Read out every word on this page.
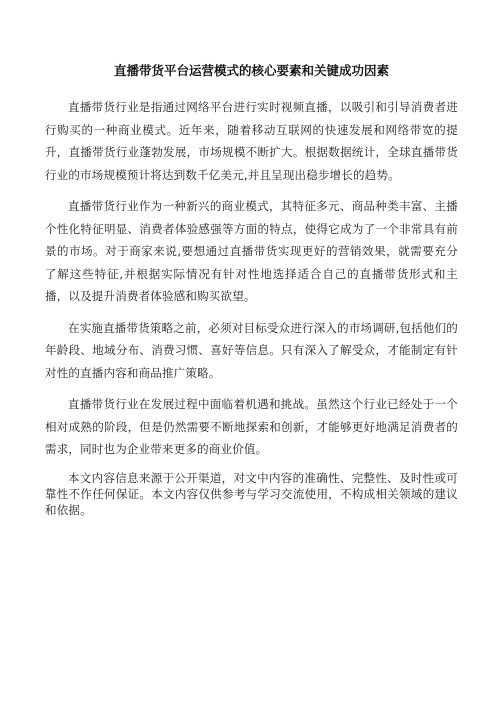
直播带货平台运营模式的核心要素和关键成功因素

直播带货行业是指通过网络平台进行实时视频直播，以吸引和引导消费者进行购买的一种商业模式。近年来，随着移动互联网的快速发展和网络带宽的提升，直播带货行业蓬勃发展，市场规模不断扩大。根据数据统计，全球直播带货行业的市场规模预计将达到数千亿美元,并且呈现出稳步增长的趋势。

直播带货行业作为一种新兴的商业模式，其特征多元、商品种类丰富、主播个性化特征明显、消费者体验感强等方面的特点，使得它成为了一个非常具有前景的市场。对于商家来说,要想通过直播带货实现更好的营销效果，就需要充分了解这些特征,并根据实际情况有针对性地选择适合自己的直播带货形式和主播，以及提升消费者体验感和购买欲望。

在实施直播带货策略之前，必须对目标受众进行深入的市场调研,包括他们的年龄段、地域分布、消费习惯、喜好等信息。只有深入了解受众，才能制定有针对性的直播内容和商品推广策略。

直播带货行业在发展过程中面临着机遇和挑战。虽然这个行业已经处于一个相对成熟的阶段，但是仍然需要不断地探索和创新，才能够更好地满足消费者的需求，同时也为企业带来更多的商业价值。

本文内容信息来源于公开渠道，对文中内容的准确性、完整性、及时性或可靠性不作任何保证。本文内容仅供参考与学习交流使用，不构成相关领域的建议和依据。
